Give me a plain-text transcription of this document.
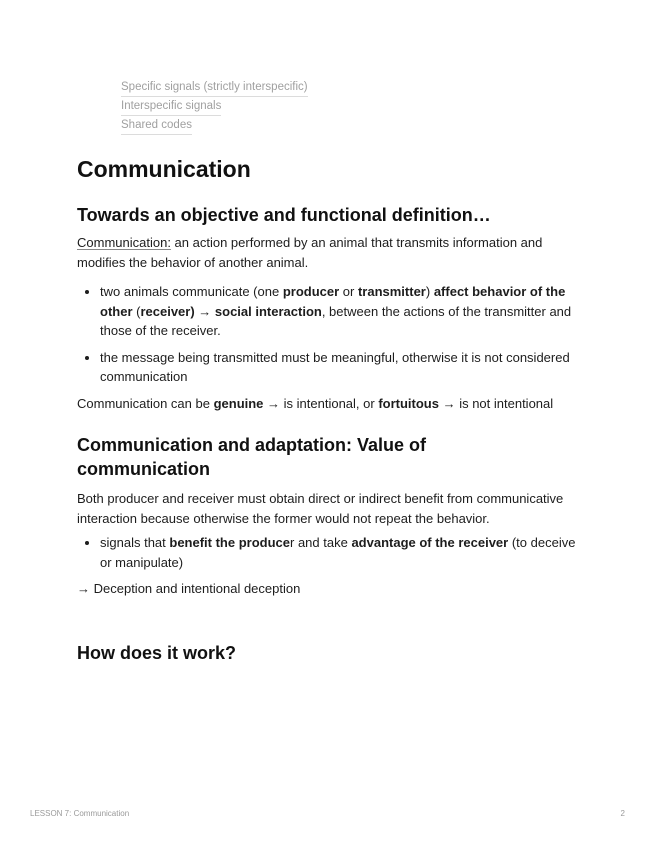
Specific signals (strictly interspecific)
Interspecific signals
Shared codes
Communication
Towards an objective and functional definition…

Communication: an action performed by an animal that transmits information and modifies the behavior of another animal.

• two animals communicate (one producer or transmitter) affect behavior of the other (receiver) → social interaction, between the actions of the transmitter and those of the receiver.
• the message being transmitted must be meaningful, otherwise it is not considered communication

Communication can be genuine → is intentional, or fortuitous → is not intentional

Communication and adaptation: Value of communication

Both producer and receiver must obtain direct or indirect benefit from communicative interaction because otherwise the former would not repeat the behavior.

• signals that benefit the producer and take advantage of the receiver (to deceive or manipulate)

→ Deception and intentional deception

How does it work?
LESSON 7: Communication	2
